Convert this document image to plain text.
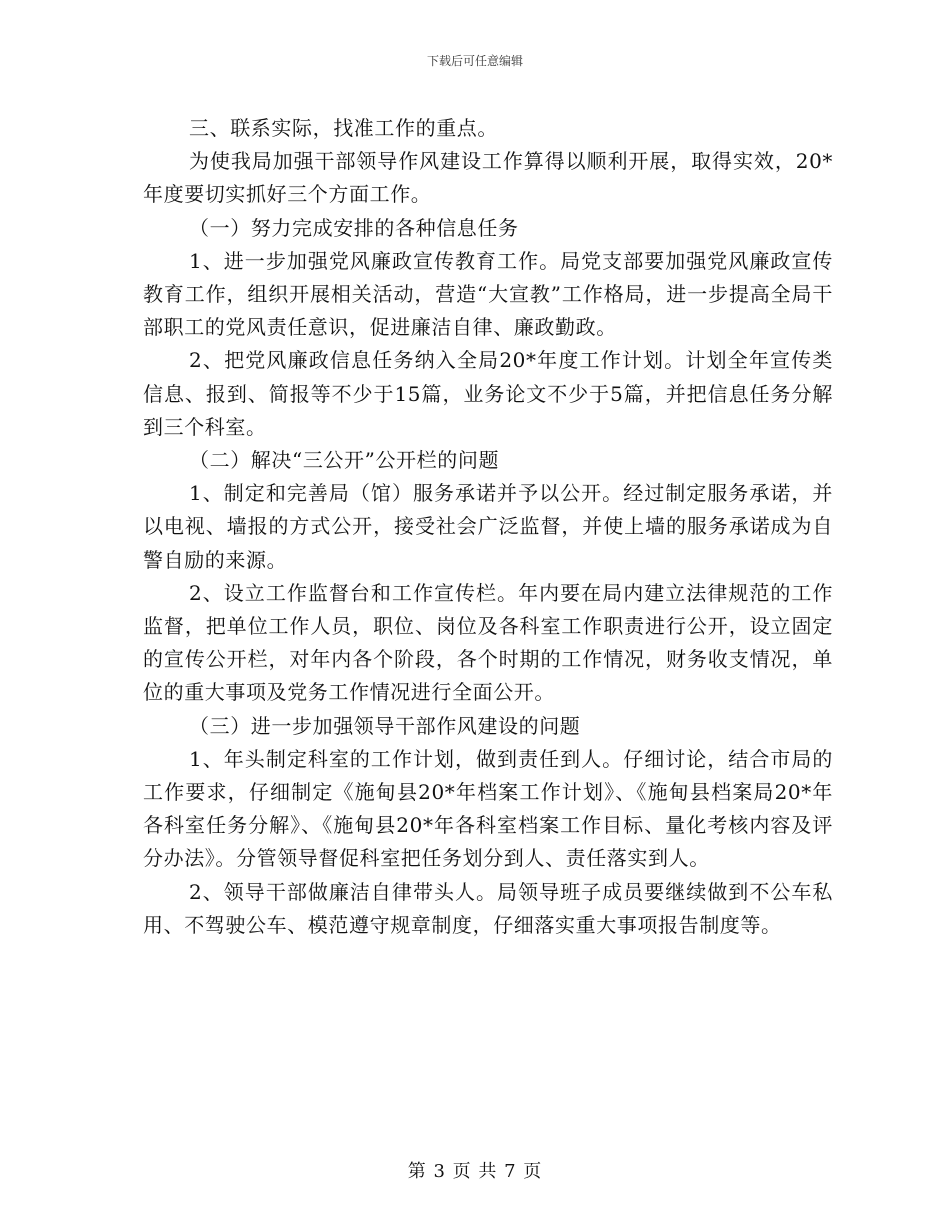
下载后可任意编辑

三、联系实际，找准工作的重点。

为使我局加强干部领导作风建设工作算得以顺利开展，取得实效，20*年度要切实抓好三个方面工作。

（一）努力完成安排的各种信息任务

1、进一步加强党风廉政宣传教育工作。局党支部要加强党风廉政宣传教育工作，组织开展相关活动，营造“大宣教”工作格局，进一步提高全局干部职工的党风责任意识，促进廉洁自律、廉政勤政。

2、把党风廉政信息任务纳入全局20*年度工作计划。计划全年宣传类信息、报到、简报等不少于15篇，业务论文不少于5篇，并把信息任务分解到三个科室。

（二）解决“三公开”公开栏的问题

1、制定和完善局（馆）服务承诺并予以公开。经过制定服务承诺，并以电视、墙报的方式公开，接受社会广泛监督，并使上墙的服务承诺成为自警自励的来源。

2、设立工作监督台和工作宣传栏。年内要在局内建立法律规范的工作监督，把单位工作人员，职位、岗位及各科室工作职责进行公开，设立固定的宣传公开栏，对年内各个阶段，各个时期的工作情况，财务收支情况，单位的重大事项及党务工作情况进行全面公开。

（三）进一步加强领导干部作风建设的问题

1、年头制定科室的工作计划，做到责任到人。仔细讨论，结合市局的工作要求，仔细制定《施甸县20*年档案工作计划》、《施甸县档案局20*年各科室任务分解》、《施甸县20*年各科室档案工作目标、量化考核内容及评分办法》。分管领导督促科室把任务划分到人、责任落实到人。

2、领导干部做廉洁自律带头人。局领导班子成员要继续做到不公车私用、不驾驶公车、模范遵守规章制度，仔细落实重大事项报告制度等。

第 3 页 共 7 页
